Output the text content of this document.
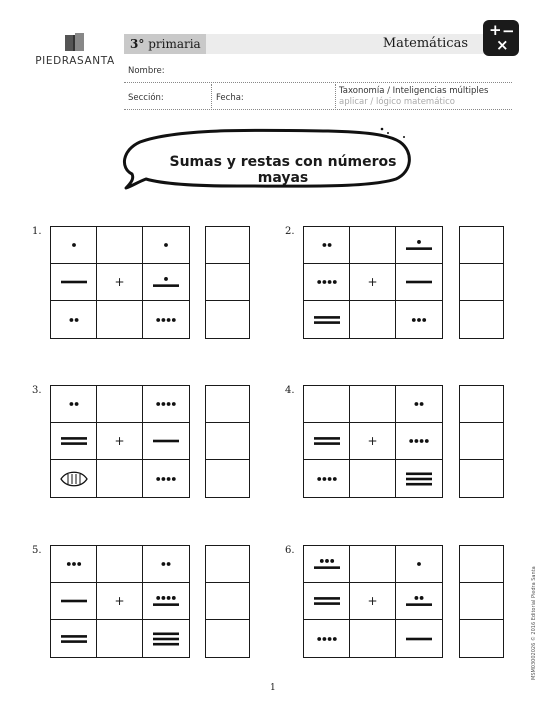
PIEDRASANTA
3° primaria	Matemáticas
+ −
×
Nombre:
Sección:	Fecha:
Taxonomía / Inteligencias múltiples
aplicar / lógico matemático
Sumas y restas con números mayas
1.
+
2.
+
3.
+
4.
+
5.
+
6.
+
1
MSM03002026 © 2016 Editorial Piedra Santa
